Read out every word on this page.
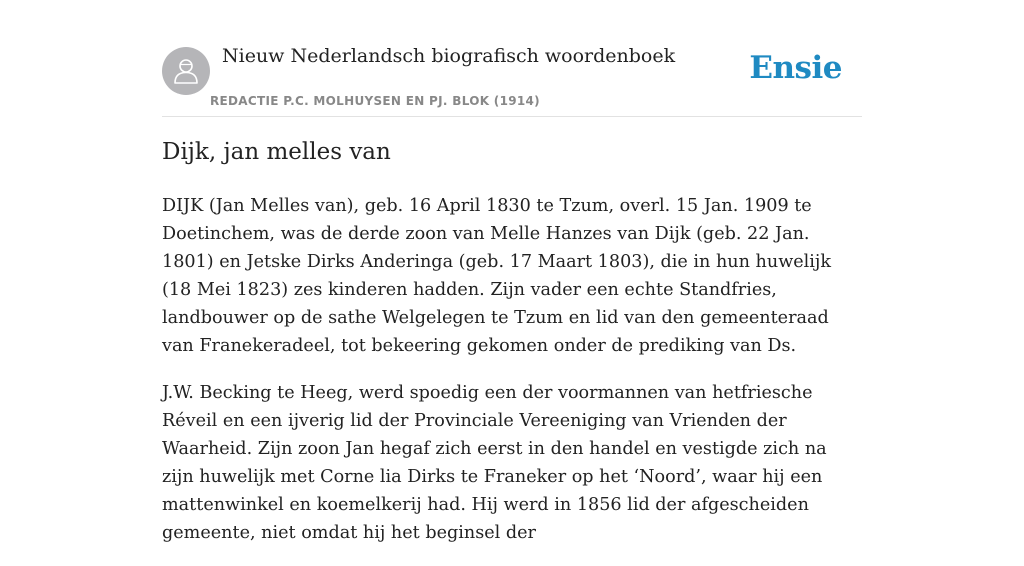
Nieuw Nederlandsch biografisch woordenboek
REDACTIE P.C. MOLHUYSEN EN PJ. BLOK (1914)
Ensie
Dijk, jan melles van

DIJK (Jan Melles van), geb. 16 April 1830 te Tzum, overl. 15 Jan. 1909 te Doetinchem, was de derde zoon van Melle Hanzes van Dijk (geb. 22 Jan. 1801) en Jetske Dirks Anderinga (geb. 17 Maart 1803), die in hun huwelijk (18 Mei 1823) zes kinderen hadden. Zijn vader een echte Standfries, landbouwer op de sathe Welgelegen te Tzum en lid van den gemeenteraad van Franekeradeel, tot bekeering gekomen onder de prediking van Ds.

J.W. Becking te Heeg, werd spoedig een der voormannen van hetfriesche Réveil en een ijverig lid der Provinciale Vereeniging van Vrienden der Waarheid. Zijn zoon Jan hegaf zich eerst in den handel en vestigde zich na zijn huwelijk met Corne lia Dirks te Franeker op het ‘Noord’, waar hij een mattenwinkel en koemelkerij had. Hij werd in 1856 lid der afgescheiden gemeente, niet omdat hij het beginsel der
